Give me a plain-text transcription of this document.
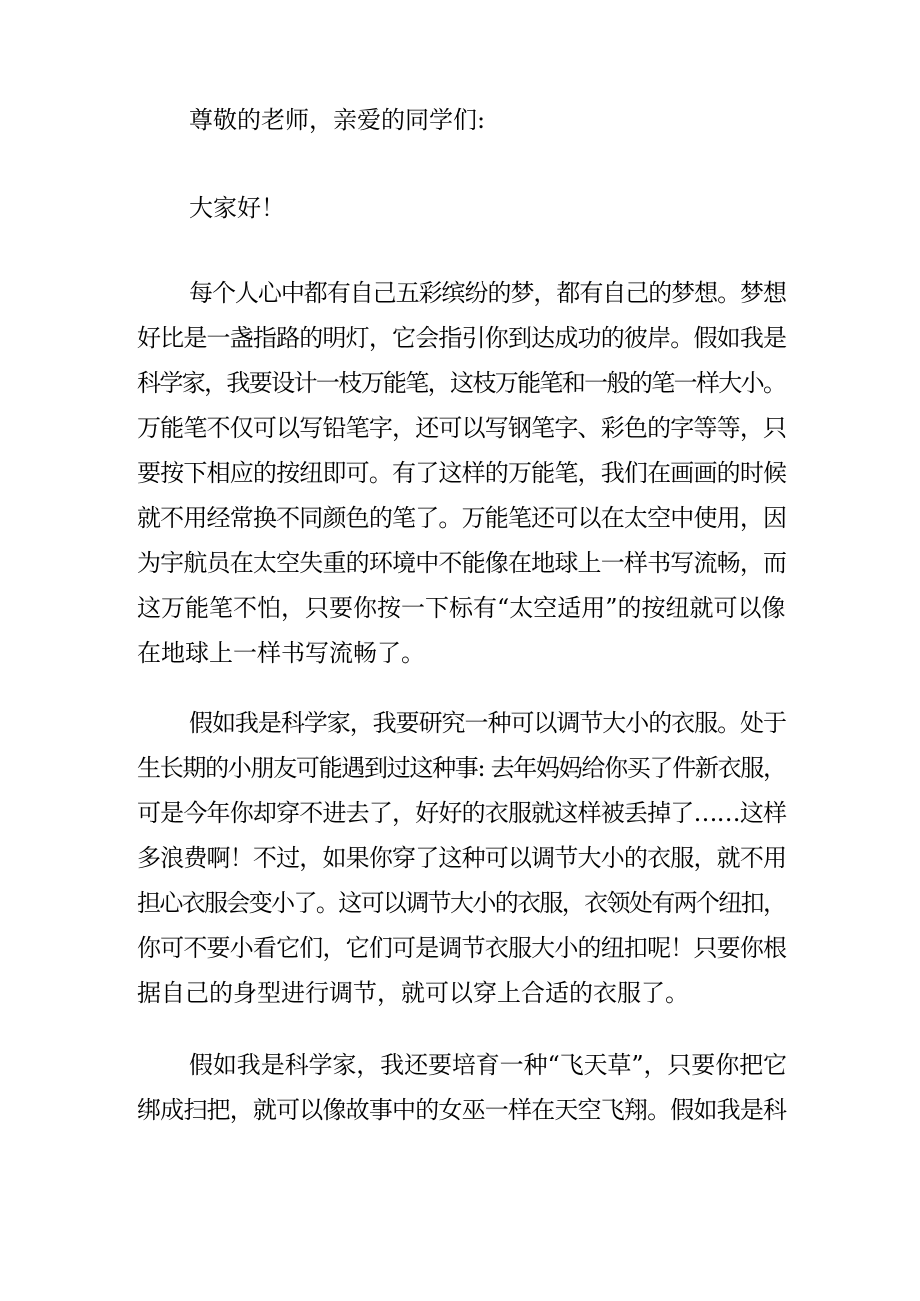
尊敬的老师，亲爱的同学们:
大家好！
每个人心中都有自己五彩缤纷的梦，都有自己的梦想。梦想
好比是一盏指路的明灯，它会指引你到达成功的彼岸。假如我是
科学家，我要设计一枝万能笔，这枝万能笔和一般的笔一样大小。
万能笔不仅可以写铅笔字，还可以写钢笔字、彩色的字等等，只
要按下相应的按纽即可。有了这样的万能笔，我们在画画的时候
就不用经常换不同颜色的笔了。万能笔还可以在太空中使用，因
为宇航员在太空失重的环境中不能像在地球上一样书写流畅，而
这万能笔不怕，只要你按一下标有“太空适用”的按纽就可以像
在地球上一样书写流畅了。
假如我是科学家，我要研究一种可以调节大小的衣服。处于
生长期的小朋友可能遇到过这种事: 去年妈妈给你买了件新衣服，
可是今年你却穿不进去了，好好的衣服就这样被丢掉了……这样
多浪费啊！不过，如果你穿了这种可以调节大小的衣服，就不用
担心衣服会变小了。这可以调节大小的衣服，衣领处有两个纽扣，
你可不要小看它们，它们可是调节衣服大小的纽扣呢！只要你根
据自己的身型进行调节，就可以穿上合适的衣服了。
假如我是科学家，我还要培育一种“飞天草”，只要你把它
绑成扫把，就可以像故事中的女巫一样在天空飞翔。假如我是科
